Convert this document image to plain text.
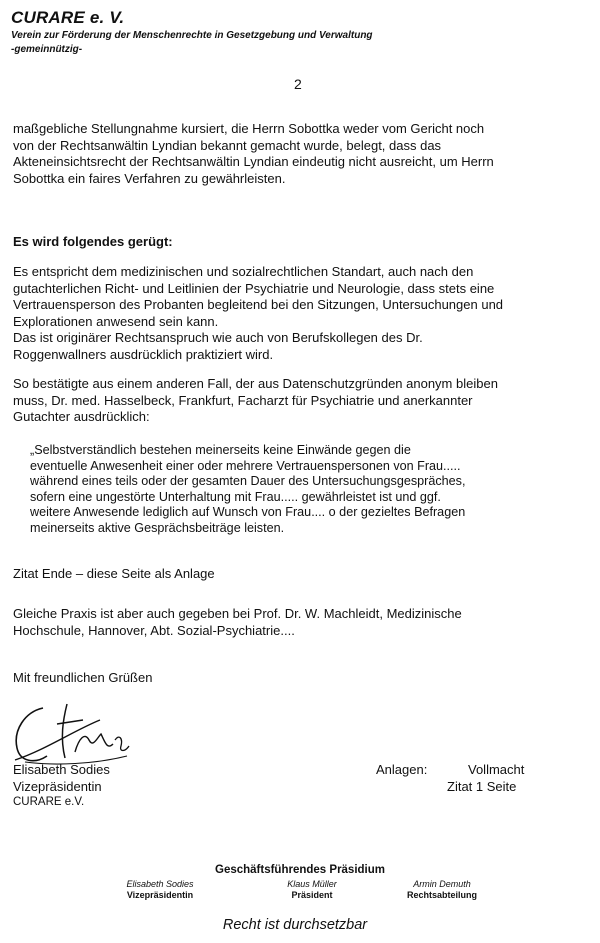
CURARE e. V.
Verein zur Förderung der Menschenrechte in Gesetzgebung und Verwaltung
-gemeinnützig-
2

maßgebliche Stellungnahme kursiert, die Herrn Sobottka weder vom Gericht noch

von der Rechtsanwältin Lyndian bekannt gemacht wurde, belegt, dass das

Akteneinsichtsrecht der Rechtsanwältin Lyndian eindeutig nicht ausreicht, um Herrn

Sobottka ein faires Verfahren zu gewährleisten.

Es wird folgendes gerügt:

Es entspricht dem medizinischen und sozialrechtlichen Standart, auch nach den

gutachterlichen Richt- und Leitlinien der Psychiatrie und Neurologie, dass stets eine

Vertrauensperson des Probanten begleitend bei den Sitzungen, Untersuchungen und

Explorationen anwesend sein kann.

Das ist originärer Rechtsanspruch wie auch von Berufskollegen des Dr.

Roggenwallners ausdrücklich praktiziert wird.

So bestätigte aus einem anderen Fall, der aus Datenschutzgründen anonym bleiben

muss, Dr. med. Hasselbeck, Frankfurt, Facharzt für Psychiatrie und anerkannter

Gutachter ausdrücklich:

„Selbstverständlich bestehen meinerseits keine Einwände gegen die

eventuelle Anwesenheit einer oder mehrere Vertrauenspersonen von Frau.....

während eines teils oder der gesamten Dauer des Untersuchungsgespräches,

sofern eine ungestörte Unterhaltung mit Frau..... gewährleistet ist und ggf.

weitere Anwesende lediglich auf Wunsch von Frau.... o der gezieltes Befragen

meinerseits aktive Gesprächsbeiträge leisten.

Zitat Ende – diese Seite als Anlage

Gleiche Praxis ist aber auch gegeben bei Prof. Dr. W. Machleidt, Medizinische

Hochschule, Hannover, Abt. Sozial-Psychiatrie....

Mit freundlichen Grüßen
Elisabeth Sodies
Vizepräsidentin
CURARE e.V.
Anlagen:	Vollmacht
Zitat 1 Seite
Geschäftsführendes Präsidium
Elisabeth Sodies
Vizepräsidentin
Klaus Müller
Präsident
Armin Demuth
Rechtsabteilung
Recht ist durchsetzbar
